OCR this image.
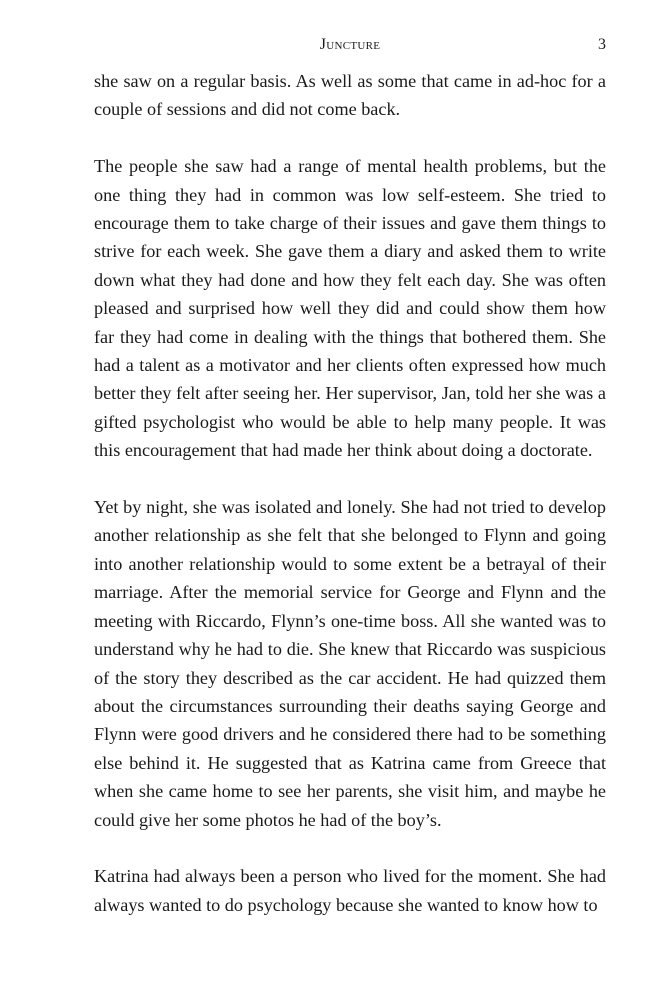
Juncture	3

she saw on a regular basis. As well as some that came in ad-hoc for a couple of sessions and did not come back.

The people she saw had a range of mental health problems, but the one thing they had in common was low self-esteem. She tried to encourage them to take charge of their issues and gave them things to strive for each week. She gave them a diary and asked them to write down what they had done and how they felt each day. She was often pleased and surprised how well they did and could show them how far they had come in dealing with the things that bothered them. She had a talent as a motivator and her clients often expressed how much better they felt after seeing her. Her supervisor, Jan, told her she was a gifted psychologist who would be able to help many people. It was this encouragement that had made her think about doing a doctorate.

Yet by night, she was isolated and lonely. She had not tried to develop another relationship as she felt that she belonged to Flynn and going into another relationship would to some extent be a betrayal of their marriage. After the memorial service for George and Flynn and the meeting with Riccardo, Flynn’s one-time boss. All she wanted was to understand why he had to die. She knew that Riccardo was suspicious of the story they described as the car accident. He had quizzed them about the circumstances surrounding their deaths saying George and Flynn were good drivers and he considered there had to be something else behind it. He suggested that as Katrina came from Greece that when she came home to see her parents, she visit him, and maybe he could give her some photos he had of the boy’s.

Katrina had always been a person who lived for the moment. She had always wanted to do psychology because she wanted to know how to
